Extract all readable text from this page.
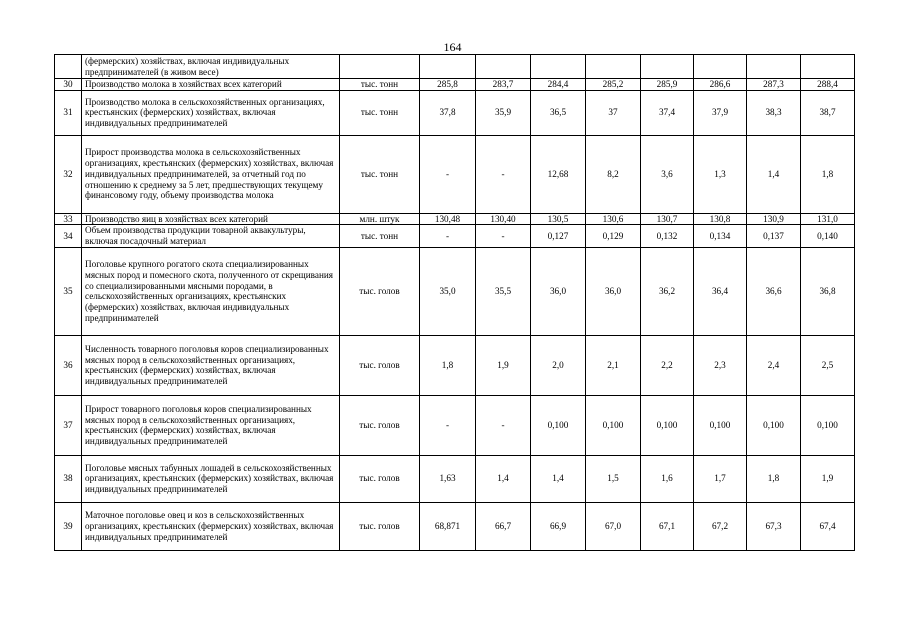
164
	(фермерских) хозяйствах, включая индивидуальных предпринимателей (в живом весе)									
30	Производство молока в хозяйствах всех категорий	тыс. тонн	285,8	283,7	284,4	285,2	285,9	286,6	287,3	288,4
31	Производство молока в сельскохозяйственных организациях, крестьянских (фермерских) хозяйствах, включая индивидуальных предпринимателей	тыс. тонн	37,8	35,9	36,5	37	37,4	37,9	38,3	38,7
32	Прирост производства молока в сельскохозяйственных организациях, крестьянских (фермерских) хозяйствах, включая индивидуальных предпринимателей, за отчетный год по отношению к среднему за 5 лет, предшествующих текущему финансовому году, объему производства молока	тыс. тонн	-	-	12,68	8,2	3,6	1,3	1,4	1,8
33	Производство яиц в хозяйствах всех категорий	млн. штук	130,48	130,40	130,5	130,6	130,7	130,8	130,9	131,0
34	Объем производства продукции товарной аквакультуры, включая посадочный материал	тыс. тонн	-	-	0,127	0,129	0,132	0,134	0,137	0,140
35	Поголовье крупного рогатого скота специализированных мясных пород и помесного скота, полученного от скрещивания со специализированными мясными породами, в сельскохозяйственных организациях, крестьянских (фермерских) хозяйствах, включая индивидуальных предпринимателей	тыс. голов	35,0	35,5	36,0	36,0	36,2	36,4	36,6	36,8
36	Численность товарного поголовья коров специализированных мясных пород в сельскохозяйственных организациях, крестьянских (фермерских) хозяйствах, включая индивидуальных предпринимателей	тыс. голов	1,8	1,9	2,0	2,1	2,2	2,3	2,4	2,5
37	Прирост товарного поголовья коров специализированных мясных пород в сельскохозяйственных организациях, крестьянских (фермерских) хозяйствах, включая индивидуальных предпринимателей	тыс. голов	-	-	0,100	0,100	0,100	0,100	0,100	0,100
38	Поголовье мясных табунных лошадей в сельскохозяйственных организациях, крестьянских (фермерских) хозяйствах, включая индивидуальных предпринимателей	тыс. голов	1,63	1,4	1,4	1,5	1,6	1,7	1,8	1,9
39	Маточное поголовье овец и коз в сельскохозяйственных организациях, крестьянских (фермерских) хозяйствах, включая индивидуальных предпринимателей	тыс. голов	68,871	66,7	66,9	67,0	67,1	67,2	67,3	67,4
